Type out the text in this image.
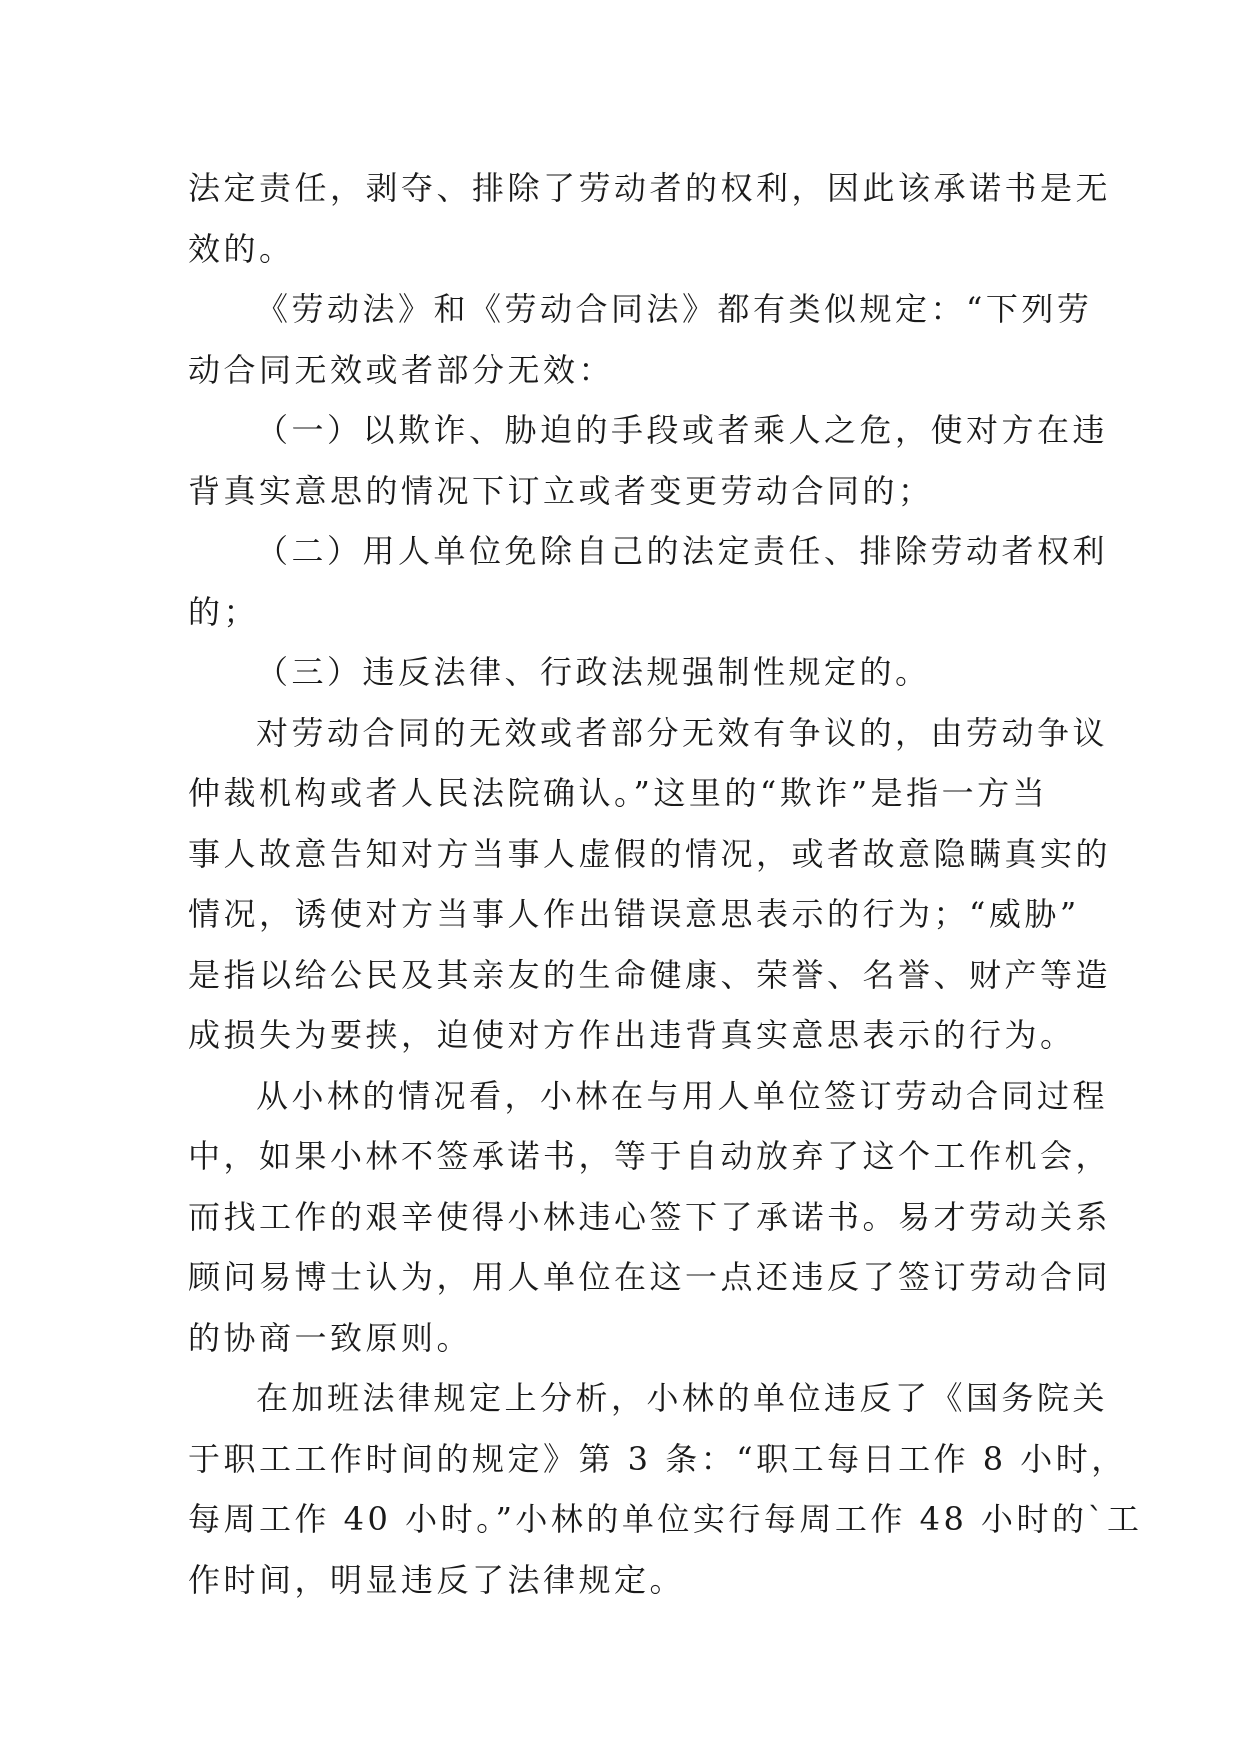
法定责任，剥夺、排除了劳动者的权利，因此该承诺书是无
效的。
《劳动法》和《劳动合同法》都有类似规定：“下列劳
动合同无效或者部分无效：
（一）以欺诈、胁迫的手段或者乘人之危，使对方在违
背真实意思的情况下订立或者变更劳动合同的；
（二）用人单位免除自己的法定责任、排除劳动者权利
的；
（三）违反法律、行政法规强制性规定的。
对劳动合同的无效或者部分无效有争议的，由劳动争议
仲裁机构或者人民法院确认。”这里的“欺诈”是指一方当
事人故意告知对方当事人虚假的情况，或者故意隐瞒真实的
情况，诱使对方当事人作出错误意思表示的行为；“威胁”
是指以给公民及其亲友的生命健康、荣誉、名誉、财产等造
成损失为要挟，迫使对方作出违背真实意思表示的行为。
从小林的情况看，小林在与用人单位签订劳动合同过程
中，如果小林不签承诺书，等于自动放弃了这个工作机会，
而找工作的艰辛使得小林违心签下了承诺书。易才劳动关系
顾问易博士认为，用人单位在这一点还违反了签订劳动合同
的协商一致原则。
在加班法律规定上分析，小林的单位违反了《国务院关
于职工工作时间的规定》第 3 条：“职工每日工作 8 小时，
每周工作 40 小时。”小林的单位实行每周工作 48 小时的`工
作时间，明显违反了法律规定。
